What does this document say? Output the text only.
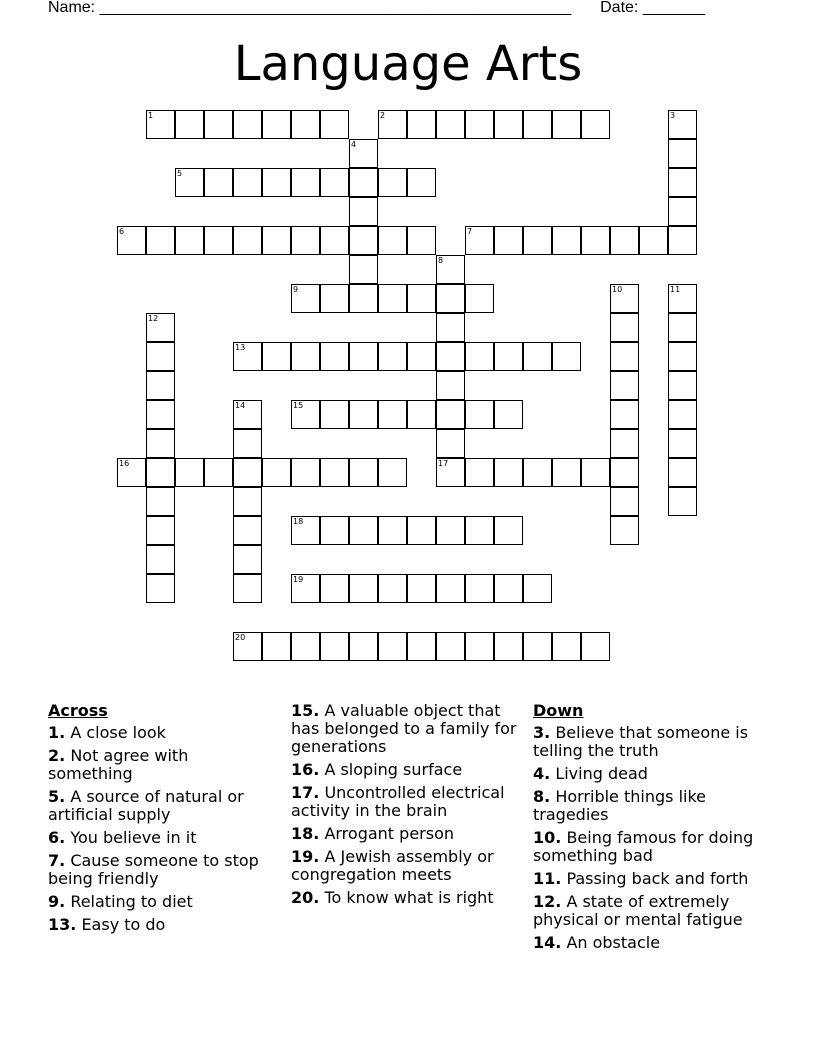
Name: _____________________________________________________ Date: _______
Language Arts
1	2	3
4
5
6	7
8
9	10	11
12
13
14	15
16	17
18
19
20
Across
1. A close look
2. Not agree with something
5. A source of natural or artificial supply
6. You believe in it
7. Cause someone to stop being friendly
9. Relating to diet
13. Easy to do
15. A valuable object that has belonged to a family for generations
16. A sloping surface
17. Uncontrolled electrical activity in the brain
18. Arrogant person
19. A Jewish assembly or congregation meets
20. To know what is right
Down
3. Believe that someone is telling the truth
4. Living dead
8. Horrible things like tragedies
10. Being famous for doing something bad
11. Passing back and forth
12. A state of extremely physical or mental fatigue
14. An obstacle
